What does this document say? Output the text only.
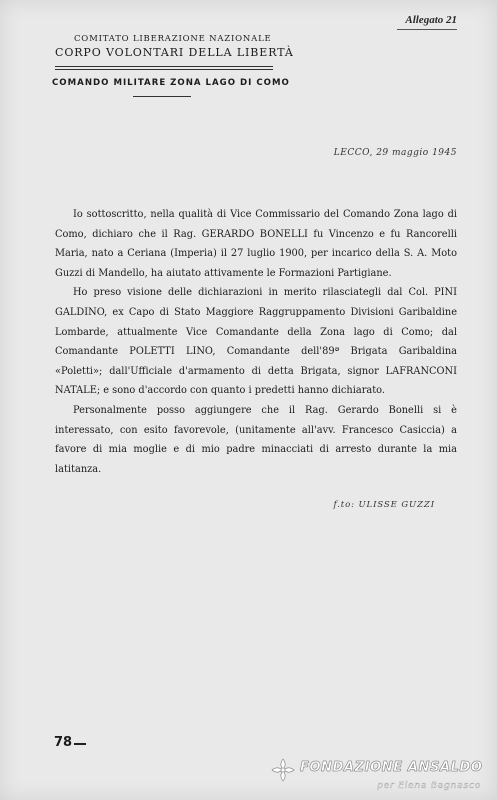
Allegato 21
COMITATO LIBERAZIONE NAZIONALE
CORPO VOLONTARI DELLA LIBERTÀ
COMANDO MILITARE ZONA LAGO DI COMO
LECCO, 29 maggio 1945

Io sottoscritto, nella qualità di Vice Commissario del Comando Zona lago di Como, dichiaro che il Rag. GERARDO BONELLI fu Vincenzo e fu Rancorelli Maria, nato a Ceriana (Imperia) il 27 luglio 1900, per incarico della S. A. Moto Guzzi di Mandello, ha aiutato attivamente le Formazioni Partigiane.

Ho preso visione delle dichiarazioni in merito rilasciategli dal Col. PINI GALDINO, ex Capo di Stato Maggiore Raggruppamento Divisioni Garibaldine Lombarde, attualmente Vice Comandante della Zona lago di Como; dal Comandante POLETTI LINO, Comandante dell'89ª Brigata Garibaldina «Poletti»; dall'Ufficiale d'armamento di detta Brigata, signor LAFRANCONI NATALE; e sono d'accordo con quanto i predetti hanno dichiarato.

Personalmente posso aggiungere che il Rag. Gerardo Bonelli si è interessato, con esito favorevole, (unitamente all'avv. Francesco Casiccia) a favore di mia moglie e di mio padre minacciati di arresto durante la mia latitanza.

f.to: ULISSE GUZZI
78
FONDAZIONE ANSALDO
per Elena Bagnasco
